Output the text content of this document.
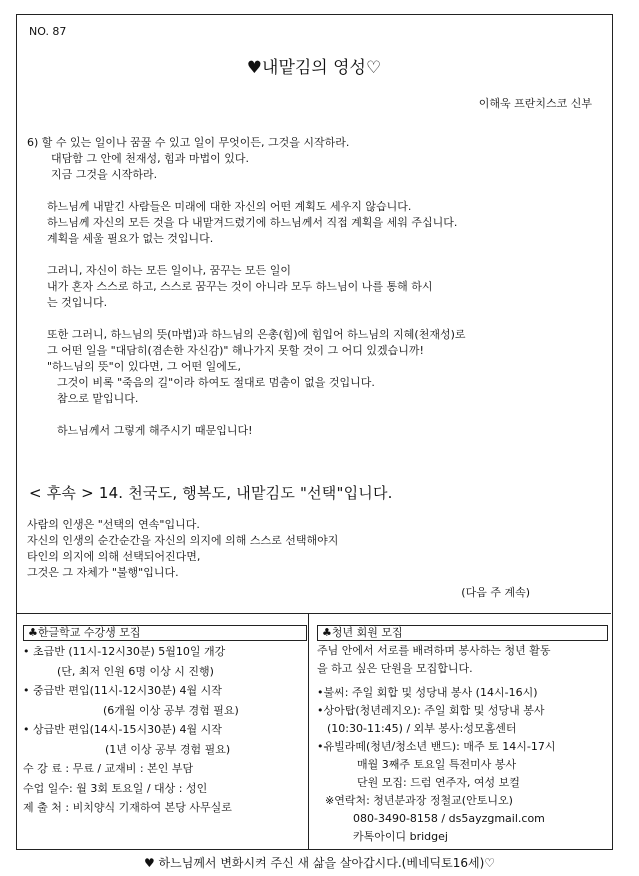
NO. 87
♥내맡김의 영성♡
이해욱 프란치스코 신부
6) 할 수 있는 일이나 꿈꿀 수 있고 일이 무엇이든, 그것을 시작하라.
대담함 그 안에 천재성, 힘과 마법이 있다.
지금 그것을 시작하라.
하느님께 내맡긴 사람들은 미래에 대한 자신의 어떤 계획도 세우지 않습니다.
하느님께 자신의 모든 것을 다 내맡겨드렸기에 하느님께서 직접 계획을 세워 주십니다.
계획을 세울 필요가 없는 것입니다.
그러니, 자신이 하는 모든 일이나, 꿈꾸는 모든 일이
내가 혼자 스스로 하고, 스스로 꿈꾸는 것이 아니라 모두 하느님이 나를 통해 하시
는 것입니다.
또한 그러니, 하느님의 뜻(마법)과 하느님의 은총(힘)에 힘입어 하느님의 지혜(천재성)로
그 어떤 일을 "대담히(겸손한 자신감)" 해나가지 못할 것이 그 어디 있겠습니까!
"하느님의 뜻"이 있다면, 그 어떤 일에도,
그것이 비록 "죽음의 길"이라 하여도 절대로 멈춤이 없을 것입니다.
참으로 맡입니다.
하느님께서 그렇게 해주시기 때문입니다!
< 후속 > 14. 천국도, 행복도, 내맡김도 "선택"입니다.
사람의 인생은 "선택의 연속"입니다.
자신의 인생의 순간순간을 자신의 의지에 의해 스스로 선택해야지
타인의 의지에 의해 선택되어진다면,
그것은 그 자체가 "불행"입니다.
(다음 주 계속)
♣한글학교 수강생 모집
• 초급반 (11시-12시30분) 5월10일 개강
(단, 최저 인원 6명 이상 시 진행)
• 중급반 편입(11시-12시30분) 4월 시작
(6개월 이상 공부 경험 필요)
• 상급반 편입(14시-15시30분) 4월 시작
(1년 이상 공부 경험 필요)
수 강 료 : 무료 / 교재비 : 본인 부담
수업 일수: 월 3회 토요일 / 대상 : 성인
제 출 처 : 비치양식 기재하여 본당 사무실로
♣청년 회원 모집
주님 안에서 서로를 배려하며 봉사하는 청년 활동
을 하고 싶은 단원을 모집합니다.
•불씨: 주일 회합 및 성당내 봉사 (14시-16시)
•상아탑(청년레지오): 주일 회합 및 성당내 봉사
(10:30-11:45) / 외부 봉사:성모홈센터
•유빌라떼(청년/청소년 밴드): 매주 토 14시-17시
매월 3째주 토요일 특전미사 봉사
단원 모집: 드럼 연주자, 여성 보컬
※연락처: 청년분과장 정철교(안토니오)
080-3490-8158 / ds5ayzgmail.com
카톡아이디 bridgej
♥ 하느님께서 변화시켜 주신 새 삶을 살아갑시다.(베네딕토16세)♡
